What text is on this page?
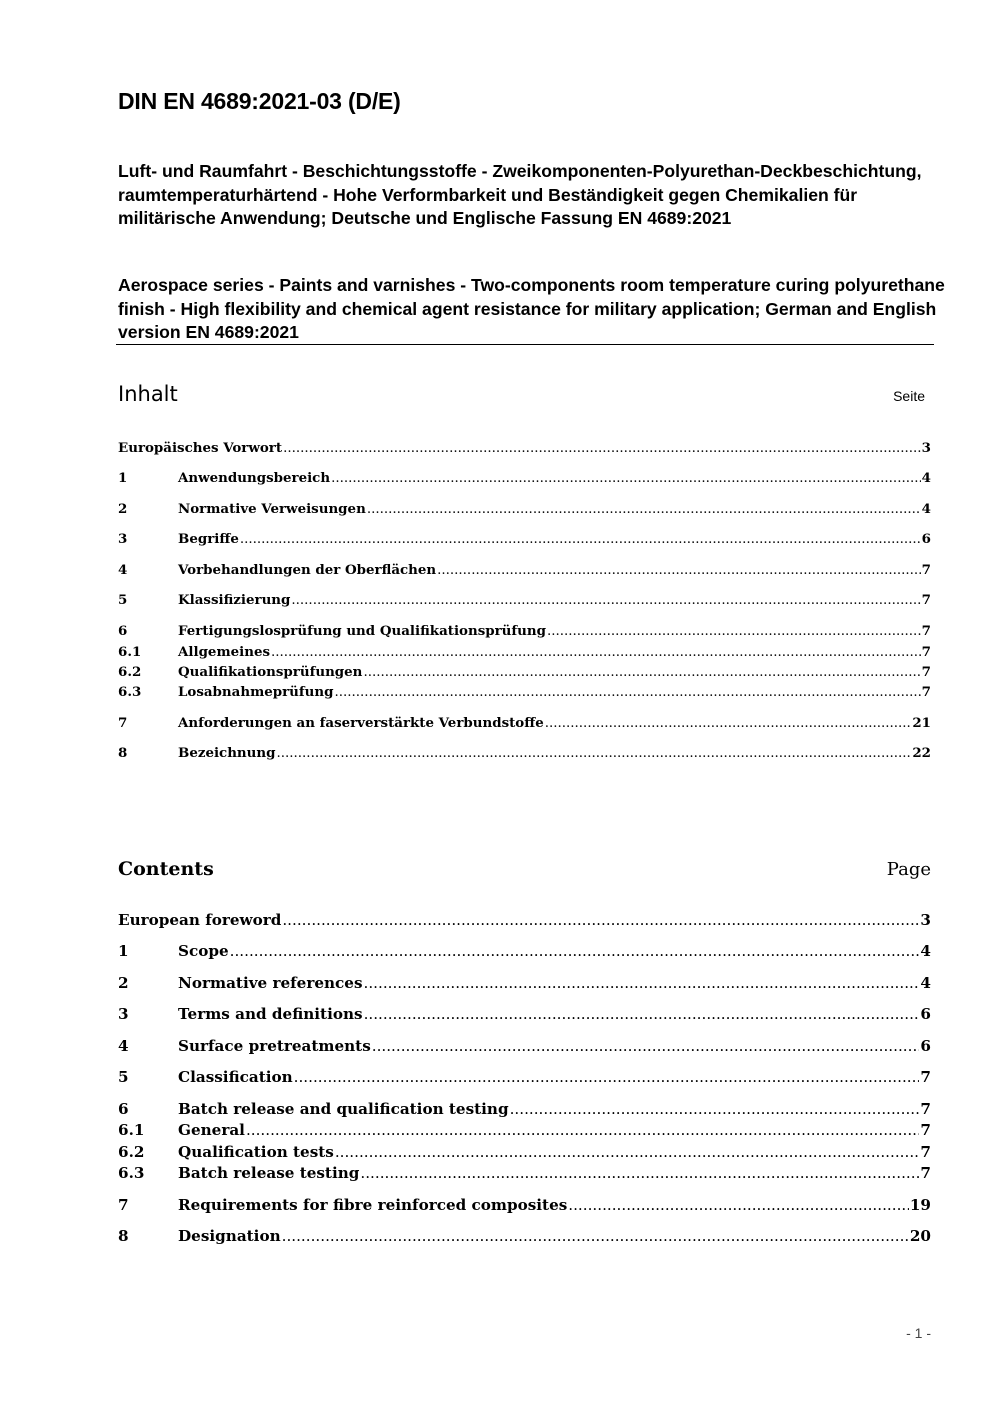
DIN EN 4689:2021-03 (D/E)
Luft- und Raumfahrt - Beschichtungsstoffe - Zweikomponenten-Polyurethan-Deckbeschichtung, raumtemperaturhärtend - Hohe Verformbarkeit und Beständigkeit gegen Chemikalien für militärische Anwendung; Deutsche und Englische Fassung EN 4689:2021
Aerospace series - Paints and varnishes - Two-components room temperature curing polyurethane finish - High flexibility and chemical agent resistance for military application; German and English version EN 4689:2021
Inhalt	Seite
Europäisches Vorwort .....	3
1	Anwendungsbereich .....	4
2	Normative Verweisungen .....	4
3	Begriffe .....	6
4	Vorbehandlungen der Oberflächen .....	7
5	Klassifizierung .....	7
6	Fertigungslosprüfung und Qualifikationsprüfung .....	7
6.1	Allgemeines .....	7
6.2	Qualifikationsprüfungen .....	7
6.3	Losabnahmeprüfung .....	7
7	Anforderungen an faserverstärkte Verbundstoffe .....	21
8	Bezeichnung .....	22
Contents	Page
European foreword .....	3
1	Scope .....	4
2	Normative references .....	4
3	Terms and definitions .....	6
4	Surface pretreatments .....	6
5	Classification .....	7
6	Batch release and qualification testing .....	7
6.1	General .....	7
6.2	Qualification tests .....	7
6.3	Batch release testing .....	7
7	Requirements for fibre reinforced composites .....	19
8	Designation .....	20
- 1 -
